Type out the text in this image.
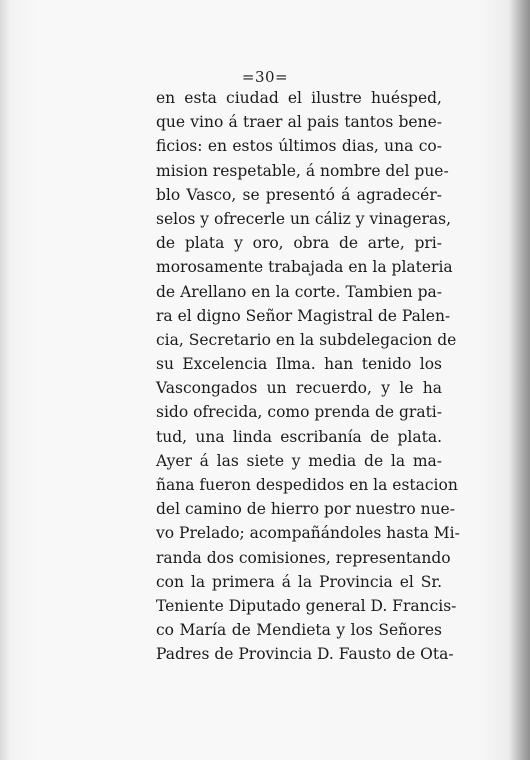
=30=
en esta ciudad el ilustre huésped,
que vino á traer al pais tantos bene-
ficios: en estos últimos dias, una co-
mision respetable, á nombre del pue-
blo Vasco, se presentó á agradecér-
selos y ofrecerle un cáliz y vinageras,
de plata y oro, obra de arte, pri-
morosamente trabajada en la plateria
de Arellano en la corte. Tambien pa-
ra el digno Señor Magistral de Palen-
cia, Secretario en la subdelegacion de
su Excelencia Ilma. han tenido los
Vascongados un recuerdo, y le ha
sido ofrecida, como prenda de grati-
tud, una linda escribanía de plata.
Ayer á las siete y media de la ma-
ñana fueron despedidos en la estacion
del camino de hierro por nuestro nue-
vo Prelado; acompañándoles hasta Mi-
randa dos comisiones, representando
con la primera á la Provincia el Sr.
Teniente Diputado general D. Francis-
co María de Mendieta y los Señores
Padres de Provincia D. Fausto de Ota-
